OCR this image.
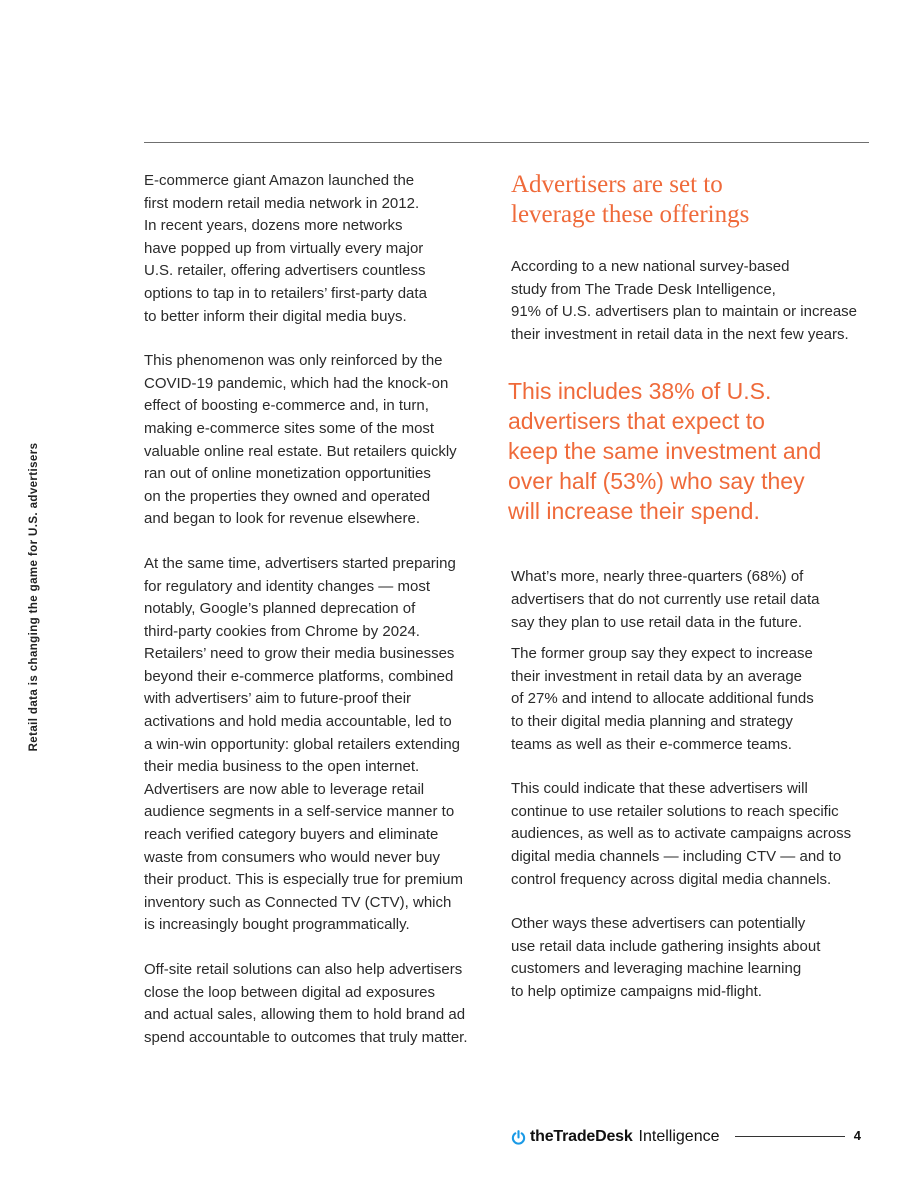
Retail data is changing the game for U.S. advertisers

E-commerce giant Amazon launched the
first modern retail media network in 2012.
In recent years, dozens more networks
have popped up from virtually every major
U.S. retailer, offering advertisers countless
options to tap in to retailers’ first-party data
to better inform their digital media buys.

This phenomenon was only reinforced by the
COVID-19 pandemic, which had the knock-on
effect of boosting e-commerce and, in turn,
making e-commerce sites some of the most
valuable online real estate. But retailers quickly
ran out of online monetization opportunities
on the properties they owned and operated
and began to look for revenue elsewhere.

At the same time, advertisers started preparing
for regulatory and identity changes — most
notably, Google’s planned deprecation of
third-party cookies from Chrome by 2024.
Retailers’ need to grow their media businesses
beyond their e-commerce platforms, combined
with advertisers’ aim to future-proof their
activations and hold media accountable, led to
a win-win opportunity: global retailers extending
their media business to the open internet.
Advertisers are now able to leverage retail
audience segments in a self-service manner to
reach verified category buyers and eliminate
waste from consumers who would never buy
their product. This is especially true for premium
inventory such as Connected TV (CTV), which
is increasingly bought programmatically.

Off-site retail solutions can also help advertisers
close the loop between digital ad exposures
and actual sales, allowing them to hold brand ad
spend accountable to outcomes that truly matter.

Advertisers are set to
leverage these offerings

According to a new national survey-based
study from The Trade Desk Intelligence,
91% of U.S. advertisers plan to maintain or increase
their investment in retail data in the next few years.

This includes 38% of U.S.
advertisers that expect to
keep the same investment and
over half (53%) who say they
will increase their spend.

What’s more, nearly three-quarters (68%) of
advertisers that do not currently use retail data
say they plan to use retail data in the future.

The former group say they expect to increase
their investment in retail data by an average
of 27% and intend to allocate additional funds
to their digital media planning and strategy
teams as well as their e-commerce teams.

This could indicate that these advertisers will
continue to use retailer solutions to reach specific
audiences, as well as to activate campaigns across
digital media channels — including CTV — and to
control frequency across digital media channels.

Other ways these advertisers can potentially
use retail data include gathering insights about
customers and leveraging machine learning
to help optimize campaigns mid-flight.

theTradeDesk Intelligence	4
